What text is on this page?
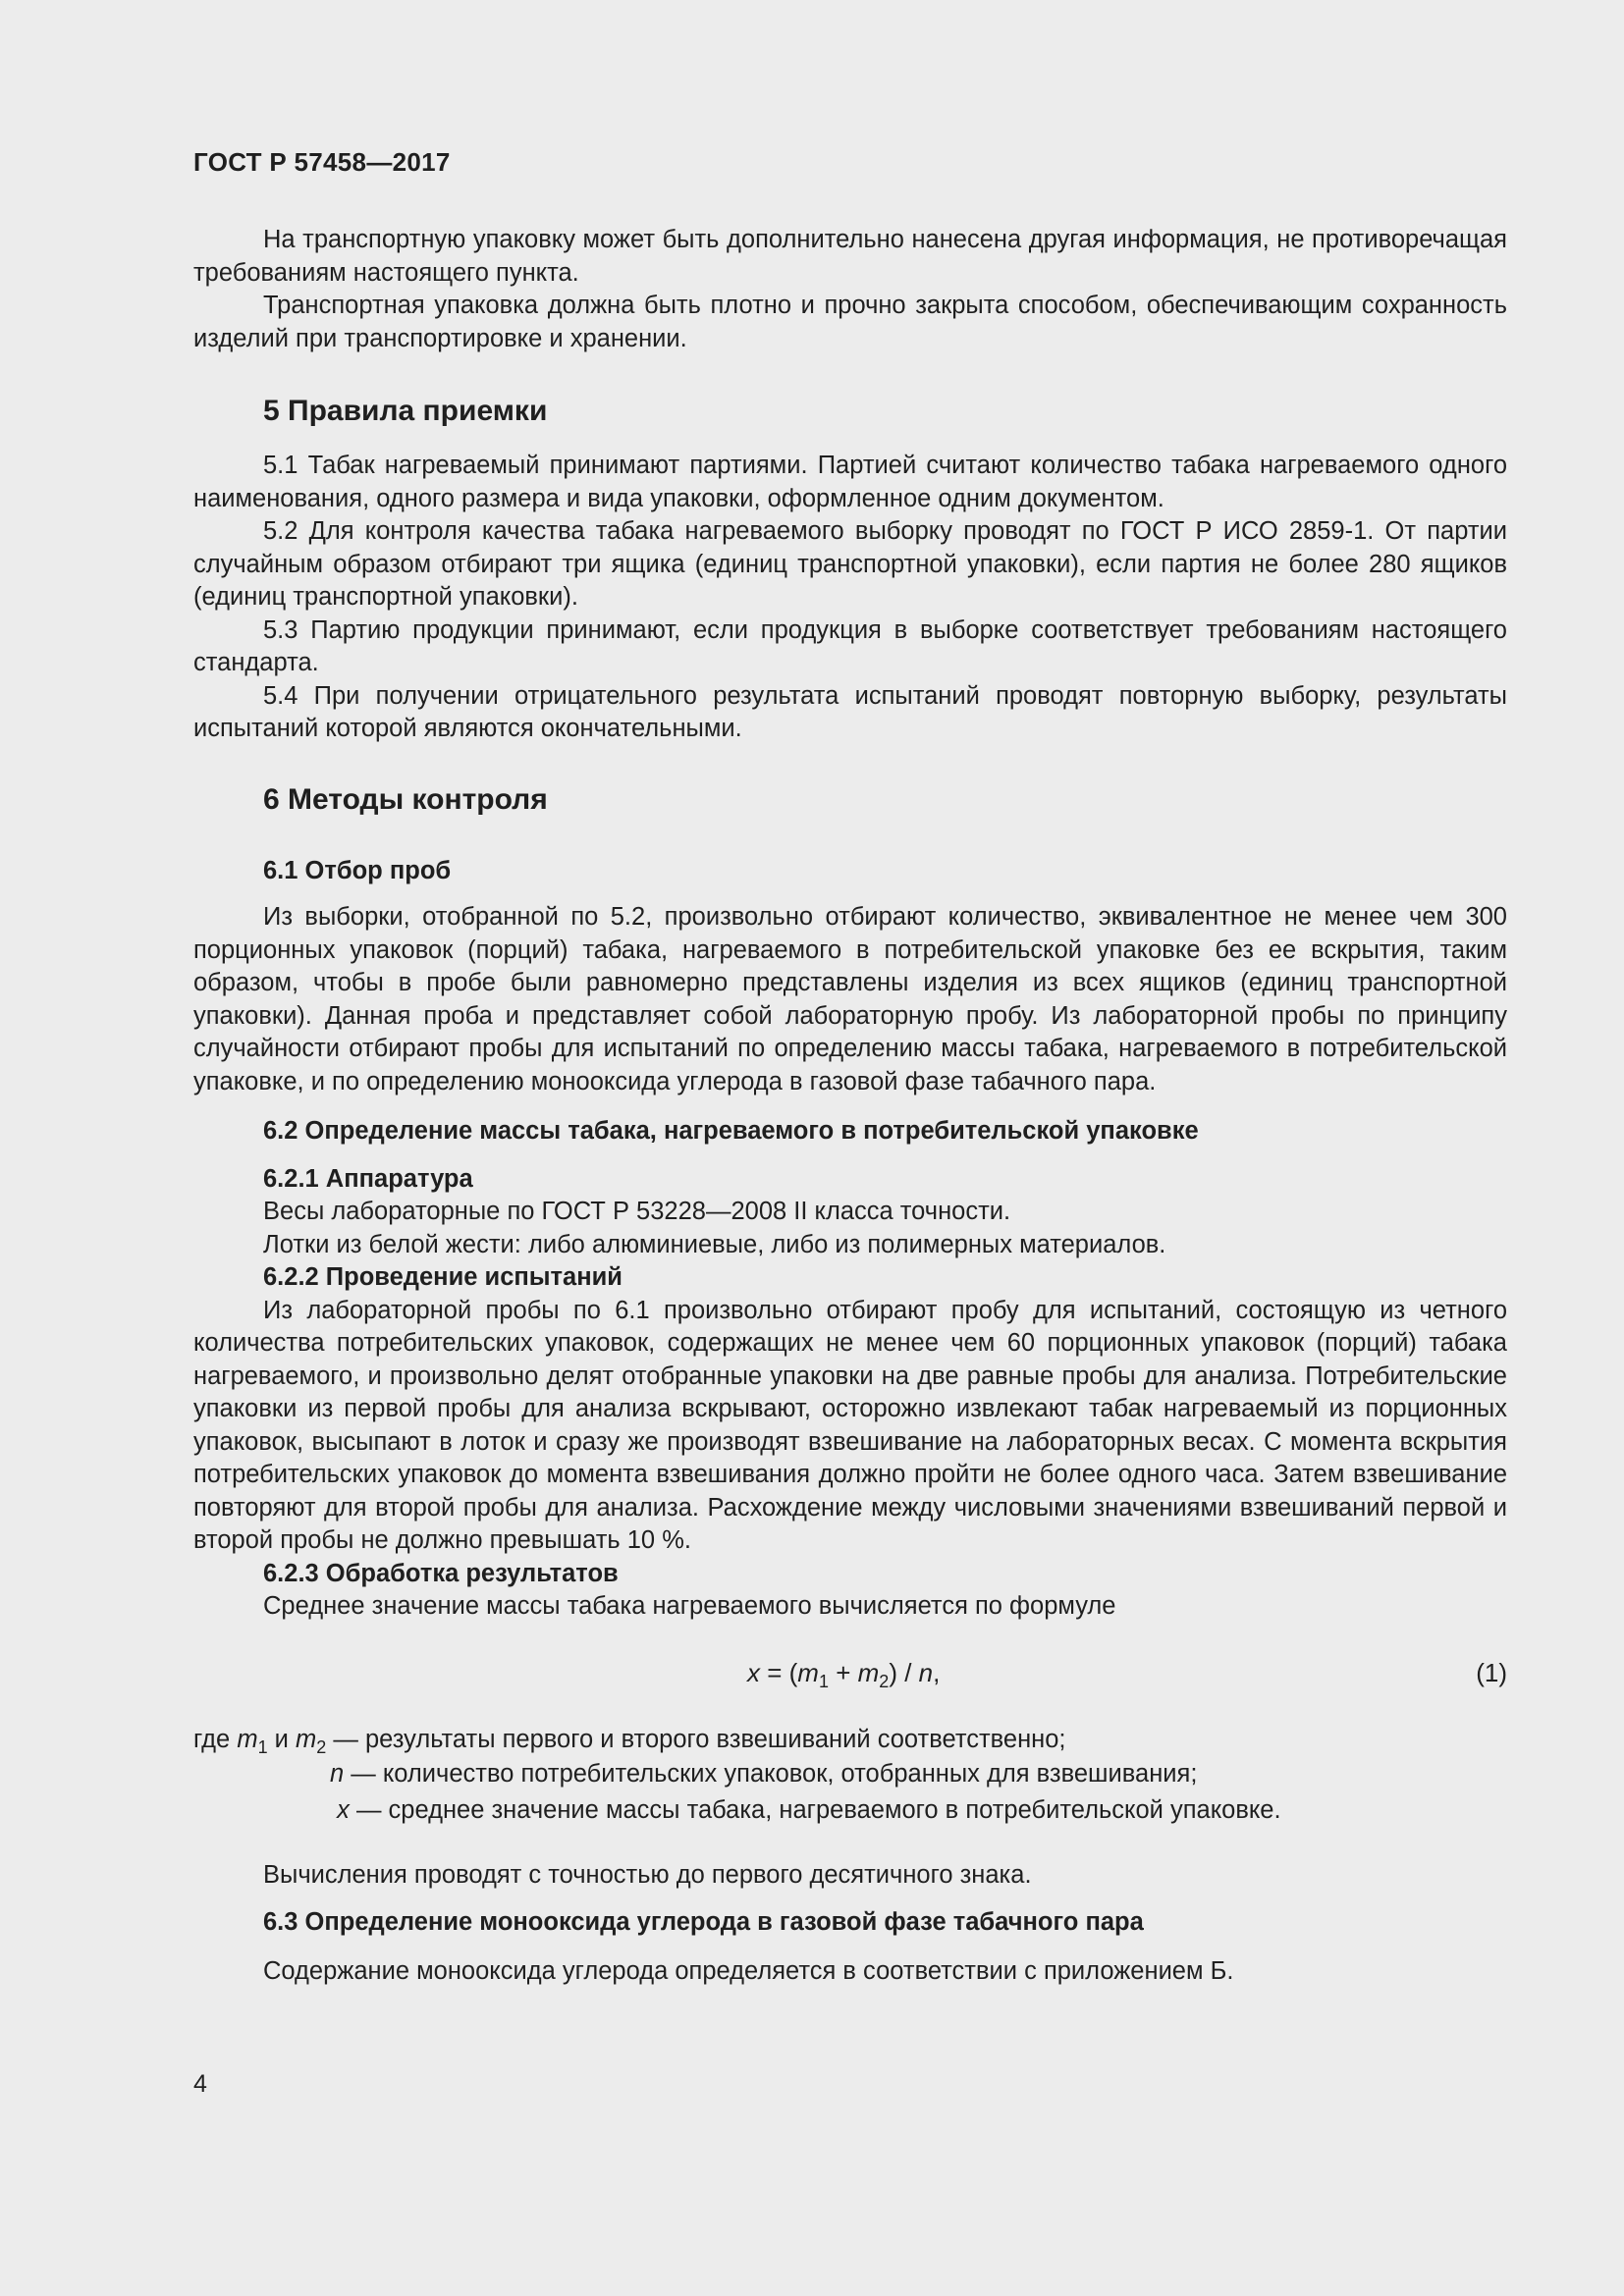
ГОСТ Р 57458—2017

На транспортную упаковку может быть дополнительно нанесена другая информация, не противоречащая требованиям настоящего пункта.

Транспортная упаковка должна быть плотно и прочно закрыта способом, обеспечивающим сохранность изделий при транспортировке и хранении.

5 Правила приемки

5.1 Табак нагреваемый принимают партиями. Партией считают количество табака нагреваемого одного наименования, одного размера и вида упаковки, оформленное одним документом.

5.2 Для контроля качества табака нагреваемого выборку проводят по ГОСТ Р ИСО 2859-1. От партии случайным образом отбирают три ящика (единиц транспортной упаковки), если партия не более 280 ящиков (единиц транспортной упаковки).

5.3 Партию продукции принимают, если продукция в выборке соответствует требованиям настоящего стандарта.

5.4 При получении отрицательного результата испытаний проводят повторную выборку, результаты испытаний которой являются окончательными.

6 Методы контроля
6.1 Отбор проб

Из выборки, отобранной по 5.2, произвольно отбирают количество, эквивалентное не менее чем 300 порционных упаковок (порций) табака, нагреваемого в потребительской упаковке без ее вскрытия, таким образом, чтобы в пробе были равномерно представлены изделия из всех ящиков (единиц транспортной упаковки). Данная проба и представляет собой лабораторную пробу. Из лабораторной пробы по принципу случайности отбирают пробы для испытаний по определению массы табака, нагреваемого в потребительской упаковке, и по определению монооксида углерода в газовой фазе табачного пара.

6.2 Определение массы табака, нагреваемого в потребительской упаковке
6.2.1 Аппаратура
Весы лабораторные по ГОСТ Р 53228—2008 II класса точности.
Лотки из белой жести: либо алюминиевые, либо из полимерных материалов.
6.2.2 Проведение испытаний

Из лабораторной пробы по 6.1 произвольно отбирают пробу для испытаний, состоящую из четного количества потребительских упаковок, содержащих не менее чем 60 порционных упаковок (порций) табака нагреваемого, и произвольно делят отобранные упаковки на две равные пробы для анализа. Потребительские упаковки из первой пробы для анализа вскрывают, осторожно извлекают табак нагреваемый из порционных упаковок, высыпают в лоток и сразу же производят взвешивание на лабораторных весах. С момента вскрытия потребительских упаковок до момента взвешивания должно пройти не более одного часа. Затем взвешивание повторяют для второй пробы для анализа. Расхождение между числовыми значениями взвешиваний первой и второй пробы не должно превышать 10 %.

6.2.3 Обработка результатов
Среднее значение массы табака нагреваемого вычисляется по формуле
$x = (m_1 + m_2) / n$,	(1)
где $m_1$ и $m_2$ — результаты первого и второго взвешиваний соответственно;
n — количество потребительских упаковок, отобранных для взвешивания;
x — среднее значение массы табака, нагреваемого в потребительской упаковке.
Вычисления проводят с точностью до первого десятичного знака.
6.3 Определение монооксида углерода в газовой фазе табачного пара
Содержание монооксида углерода определяется в соответствии с приложением Б.
4
